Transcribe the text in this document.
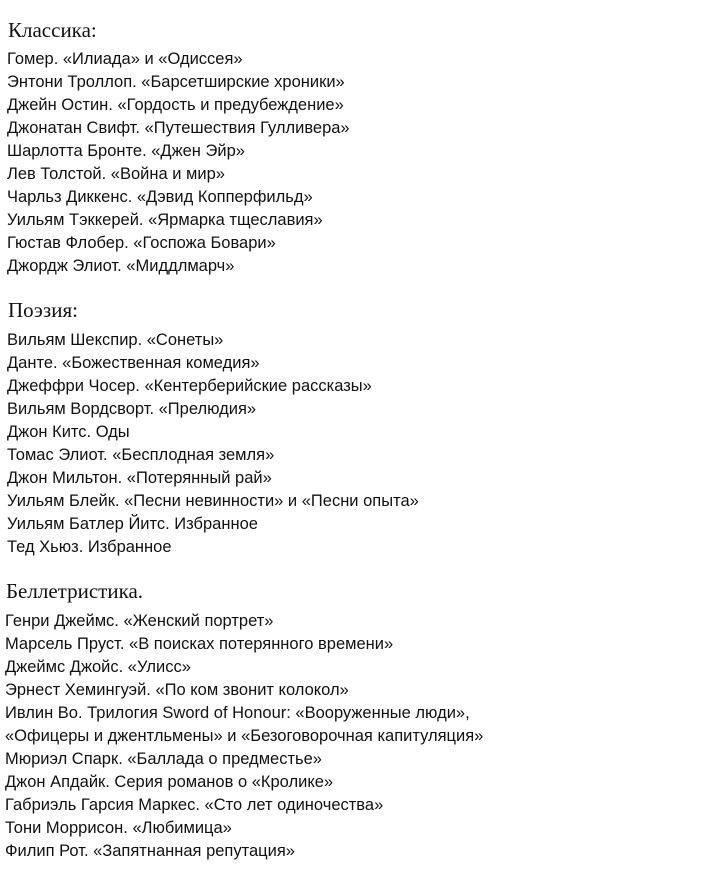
Классика:
Гомер. «Илиада» и «Одиссея»
Энтони Троллоп. «Барсетширские хроники»
Джейн Остин. «Гордость и предубеждение»
Джонатан Свифт. «Путешествия Гулливера»
Шарлотта Бронте. «Джен Эйр»
Лев Толстой. «Война и мир»
Чарльз Диккенс. «Дэвид Копперфильд»
Уильям Тэккерей. «Ярмарка тщеславия»
Гюстав Флобер. «Госпожа Бовари»
Джордж Элиот. «Миддлмарч»
Поэзия:
Вильям Шекспир. «Сонеты»
Данте. «Божественная комедия»
Джеффри Чосер. «Кентерберийские рассказы»
Вильям Вордсворт. «Прелюдия»
Джон Китс. Оды
Томас Элиот. «Бесплодная земля»
Джон Мильтон. «Потерянный рай»
Уильям Блейк. «Песни невинности» и «Песни опыта»
Уильям Батлер Йитс. Избранное
Тед Хьюз. Избранное
Беллетристика.
Генри Джеймс. «Женский портрет»
Марсель Пруст. «В поисках потерянного времени»
Джеймс Джойс. «Улисс»
Эрнест Хемингуэй. «По ком звонит колокол»
Ивлин Во. Трилогия Sword of Honour: «Вооруженные люди»,
«Офицеры и джентльмены» и «Безоговорочная капитуляция»
Мюриэл Спарк. «Баллада о предместье»
Джон Апдайк. Серия романов о «Кролике»
Габриэль Гарсия Маркес. «Сто лет одиночества»
Тони Моррисон. «Любимица»
Филип Рот. «Запятнанная репутация»
